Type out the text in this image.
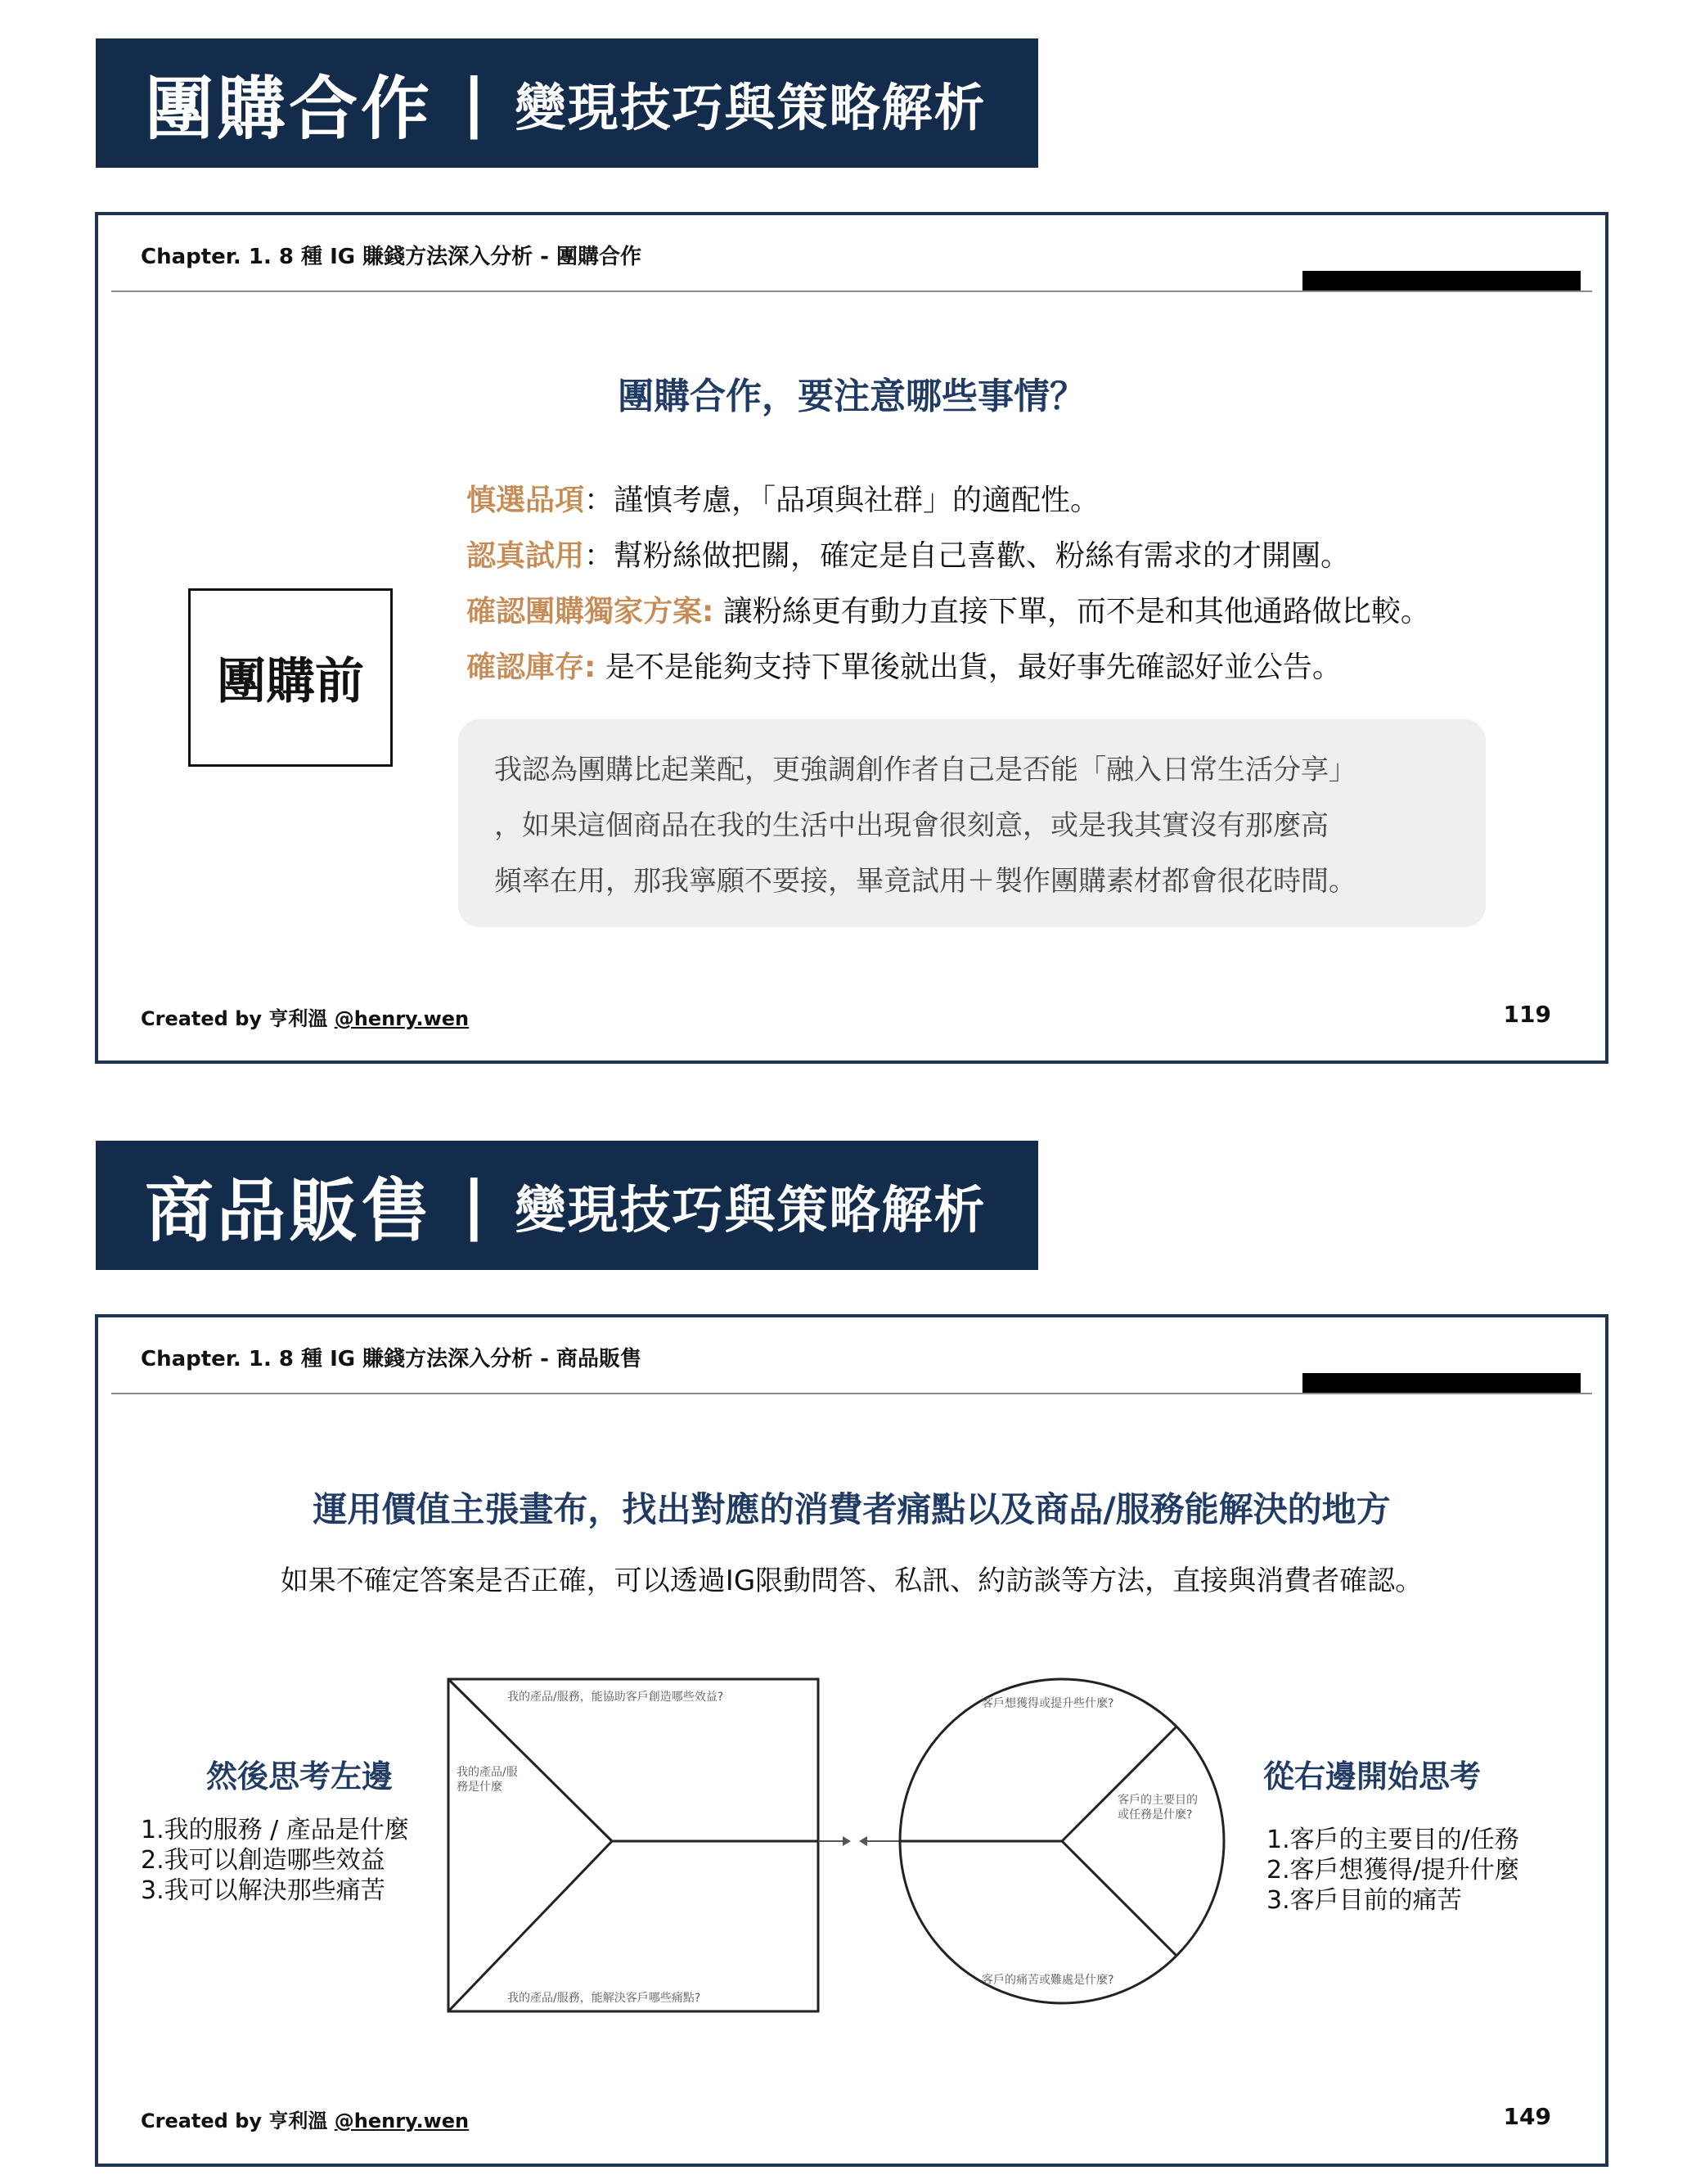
團購合作 | 變現技巧與策略解析
Chapter. 1. 8 種 IG 賺錢方法深入分析 - 團購合作
團購合作，要注意哪些事情？
團購前
慎選品項：謹慎考慮，「品項與社群」的適配性。
認真試用：幫粉絲做把關，確定是自己喜歡、粉絲有需求的才開團。
確認團購獨家方案: 讓粉絲更有動力直接下單，而不是和其他通路做比較。
確認庫存: 是不是能夠支持下單後就出貨，最好事先確認好並公告。
我認為團購比起業配，更強調創作者自己是否能「融入日常生活分享」
，如果這個商品在我的生活中出現會很刻意，或是我其實沒有那麼高
頻率在用，那我寧願不要接，畢竟試用＋製作團購素材都會很花時間。
Created by 亨利溫 @henry.wen	119
商品販售 | 變現技巧與策略解析
Chapter. 1. 8 種 IG 賺錢方法深入分析 - 商品販售
運用價值主張畫布，找出對應的消費者痛點以及商品/服務能解決的地方
如果不確定答案是否正確，可以透過IG限動問答、私訊、約訪談等方法，直接與消費者確認。
然後思考左邊
1.我的服務 / 產品是什麼
2.我可以創造哪些效益
3.我可以解決那些痛苦
從右邊開始思考
1.客戶的主要目的/任務
2.客戶想獲得/提升什麼
3.客戶目前的痛苦
我的產品/服務，能協助客戶創造哪些效益?
我的產品/服
務是什麼
我的產品/服務，能解決客戶哪些痛點?
客戶想獲得或提升些什麼?
客戶的主要目的
或任務是什麼?
客戶的痛苦或難處是什麼?
Created by 亨利溫 @henry.wen	149
